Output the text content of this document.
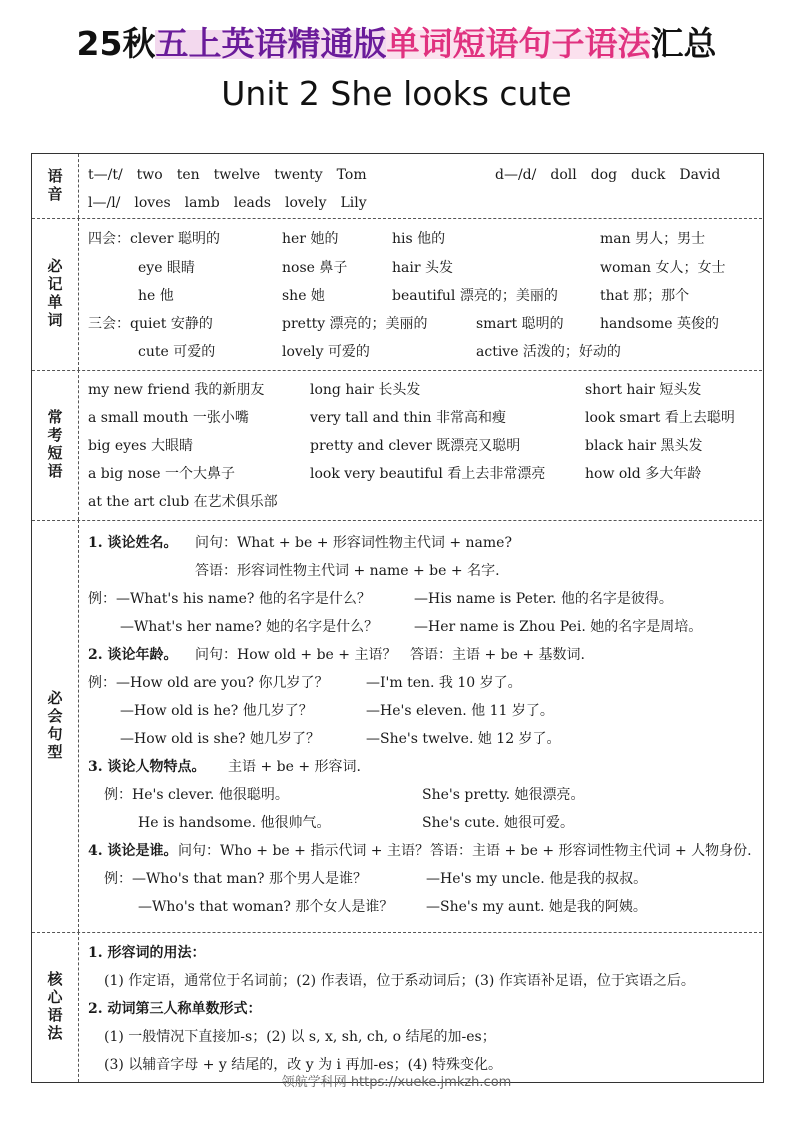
25秋五上英语精通版单词短语句子语法汇总
Unit 2 She looks cute
语音 t—/t/　two　ten　twelve　twenty　Tom	d—/d/　doll　dog　duck　David
l—/l/　loves　lamb　leads　lovely　Lily
必记单词
四会：clever 聪明的	her 她的	his 他的	man 男人；男士
eye 眼睛	nose 鼻子	hair 头发	woman 女人；女士
he 他	she 她	beautiful 漂亮的；美丽的	that 那；那个
三会：quiet 安静的	pretty 漂亮的；美丽的	smart 聪明的	handsome 英俊的
cute 可爱的	lovely 可爱的	active 活泼的；好动的
常考短语
my new friend 我的新朋友	long hair 长头发	short hair 短头发
a small mouth 一张小嘴	very tall and thin 非常高和瘦	look smart 看上去聪明
big eyes 大眼睛	pretty and clever 既漂亮又聪明	black hair 黑头发
a big nose 一个大鼻子	look very beautiful 看上去非常漂亮	how old 多大年龄
at the art club 在艺术俱乐部
必会句型
1. 谈论姓名。 问句：What + be + 形容词性物主代词 + name?
答语：形容词性物主代词 + name + be + 名字.
例：—What's his name? 他的名字是什么？	—His name is Peter. 他的名字是彼得。
—What's her name? 她的名字是什么？	—Her name is Zhou Pei. 她的名字是周培。
2. 谈论年龄。 问句：How old + be + 主语？ 答语：主语 + be + 基数词.
例：—How old are you? 你几岁了？	—I'm ten. 我 10 岁了。
—How old is he? 他几岁了？	—He's eleven. 他 11 岁了。
—How old is she? 她几岁了？	—She's twelve. 她 12 岁了。
3. 谈论人物特点。 主语 + be + 形容词.
例：He's clever. 他很聪明。	She's pretty. 她很漂亮。
He is handsome. 他很帅气。	She's cute. 她很可爱。
4. 谈论是谁。 问句：Who + be + 指示代词 + 主语？ 答语：主语 + be + 形容词性物主代词 + 人物身份.
例：—Who's that man? 那个男人是谁？	—He's my uncle. 他是我的叔叔。
—Who's that woman? 那个女人是谁？ —She's my aunt. 她是我的阿姨。
核心语法
1. 形容词的用法：
(1) 作定语，通常位于名词前；(2) 作表语，位于系动词后；(3) 作宾语补足语，位于宾语之后。
2. 动词第三人称单数形式：
(1) 一般情况下直接加-s；(2) 以 s, x, sh, ch, o 结尾的加-es；
(3) 以辅音字母 + y 结尾的，改 y 为 i 再加-es；(4) 特殊变化。
领航学科网 https://xueke.jmkzh.com
